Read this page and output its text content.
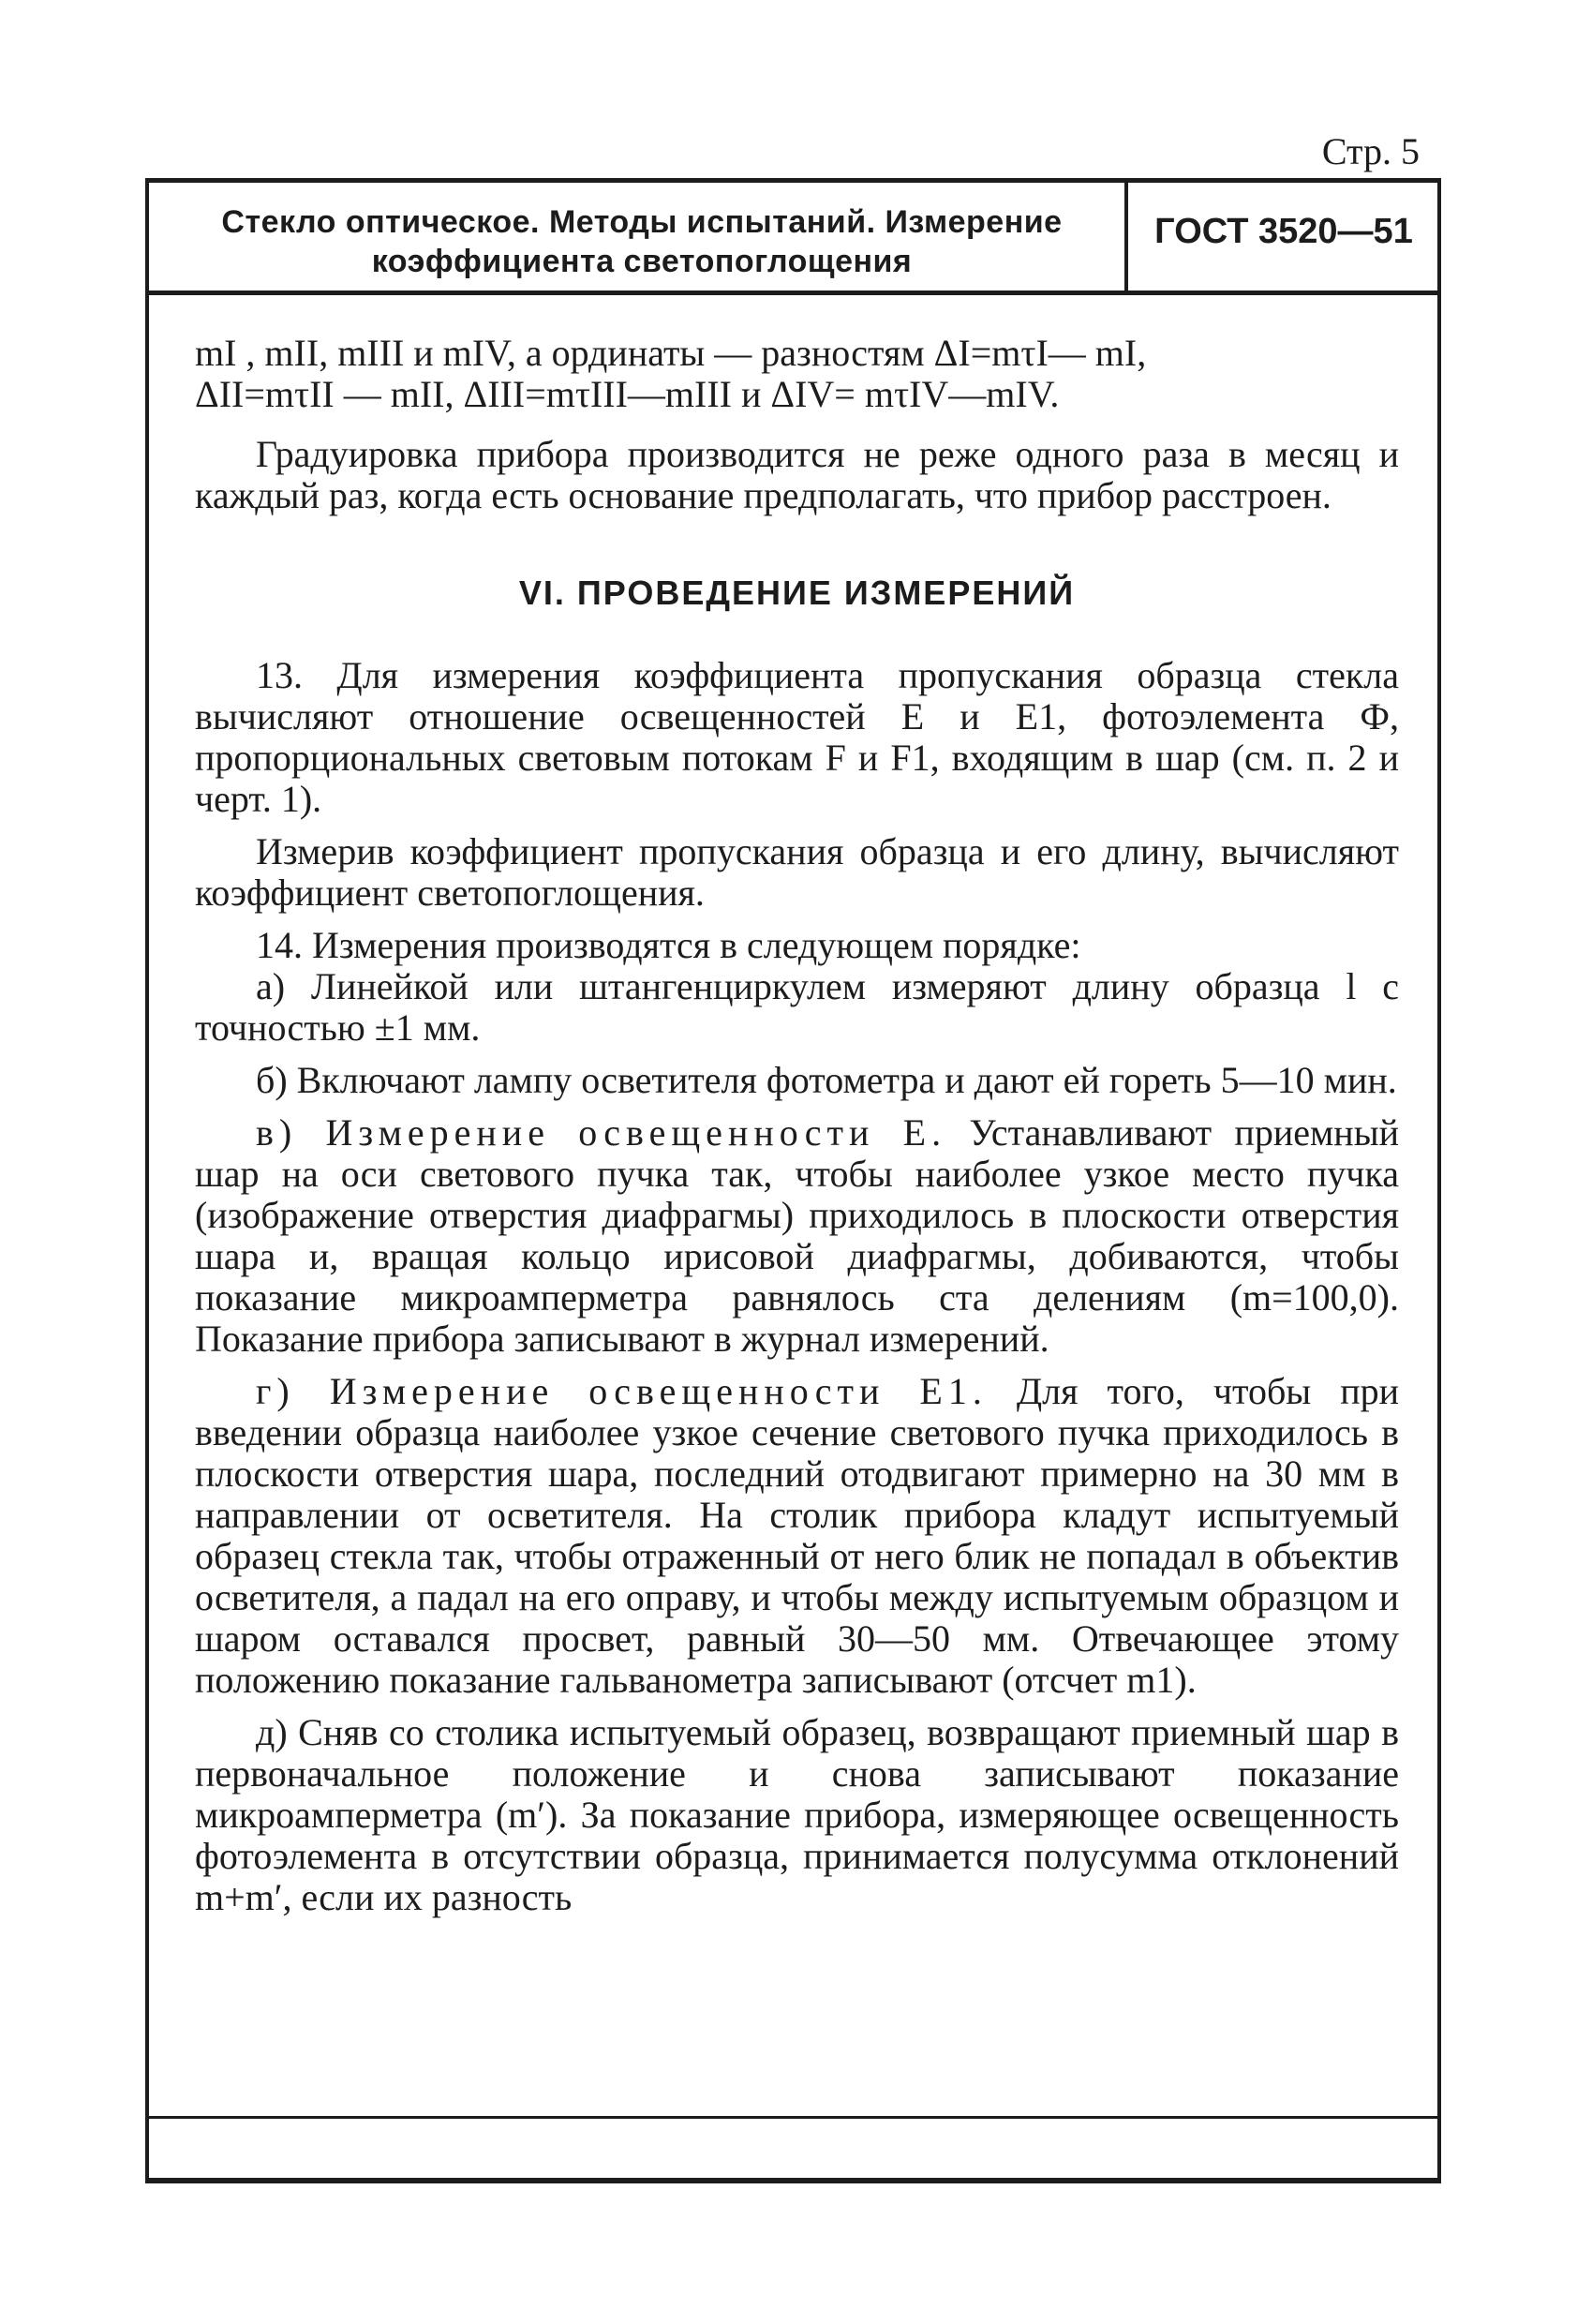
Стр. 5
Стекло оптическое. Методы испытаний. Измерение
коэффициента светопоглощения
ГОСТ 3520—51

mI , mII, mIII и mIV, а ординаты — разностям ΔI=mτI— mI,

ΔII=mτII — mII, ΔIII=mτIII—mIII и ΔIV= mτIV—mIV.

Градуировка прибора производится не реже одного раза в месяц и каждый раз, когда есть основание предполагать, что прибор расстроен.

VI. ПРОВЕДЕНИЕ ИЗМЕРЕНИЙ

13. Для измерения коэффициента пропускания образца стекла вычисляют отношение освещенностей E и E1, фотоэлемента Ф, пропорциональных световым потокам F и F1, входящим в шар (см. п. 2 и черт. 1).

Измерив коэффициент пропускания образца и его длину, вычисляют коэффициент светопоглощения.

14. Измерения производятся в следующем порядке:

а) Линейкой или штангенциркулем измеряют длину образца l с точностью ±1 мм.

б) Включают лампу осветителя фотометра и дают ей гореть 5—10 мин.

в) Измерение освещенности E. Устанавливают приемный шар на оси светового пучка так, чтобы наиболее узкое место пучка (изображение отверстия диафрагмы) приходилось в плоскости отверстия шара и, вращая кольцо ирисовой диафрагмы, добиваются, чтобы показание микроамперметра равнялось ста делениям (m=100,0). Показание прибора записывают в журнал измерений.

г) Измерение освещенности E1. Для того, чтобы при введении образца наиболее узкое сечение светового пучка приходилось в плоскости отверстия шара, последний отодвигают примерно на 30 мм в направлении от осветителя. На столик прибора кладут испытуемый образец стекла так, чтобы отраженный от него блик не попадал в объектив осветителя, а падал на его оправу, и чтобы между испытуемым образцом и шаром оставался просвет, равный 30—50 мм. Отвечающее этому положению показание гальванометра записывают (отсчет m1).

д) Сняв со столика испытуемый образец, возвращают приемный шар в первоначальное положение и снова записывают показание микроамперметра (m′). За показание прибора, измеряющее освещенность фотоэлемента в отсутствии образца, принимается полусумма отклонений m+m′, если их разность
